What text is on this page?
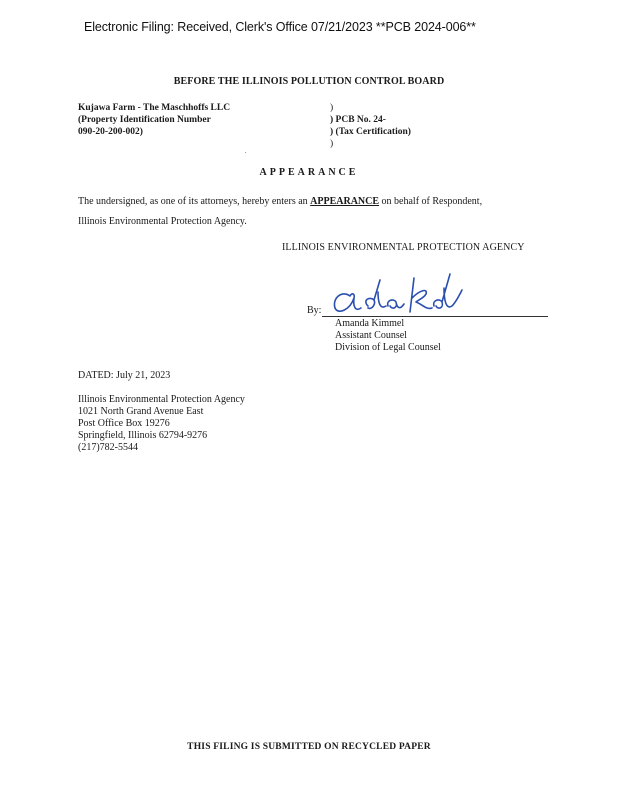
Electronic Filing: Received, Clerk's Office 07/21/2023 **PCB 2024-006**
BEFORE THE ILLINOIS POLLUTION CONTROL BOARD
Kujawa Farm - The Maschhoffs LLC
(Property Identification Number
090-20-200-002)
)
) PCB No. 24-
) (Tax Certification)
)
APPEARANCE
The undersigned, as one of its attorneys, hereby enters an APPEARANCE on behalf of Respondent,
Illinois Environmental Protection Agency.
ILLINOIS ENVIRONMENTAL PROTECTION AGENCY
By:
Amanda Kimmel
Assistant Counsel
Division of Legal Counsel
DATED: July 21, 2023
Illinois Environmental Protection Agency
1021 North Grand Avenue East
Post Office Box 19276
Springfield, Illinois 62794-9276
(217)782-5544
THIS FILING IS SUBMITTED ON RECYCLED PAPER
